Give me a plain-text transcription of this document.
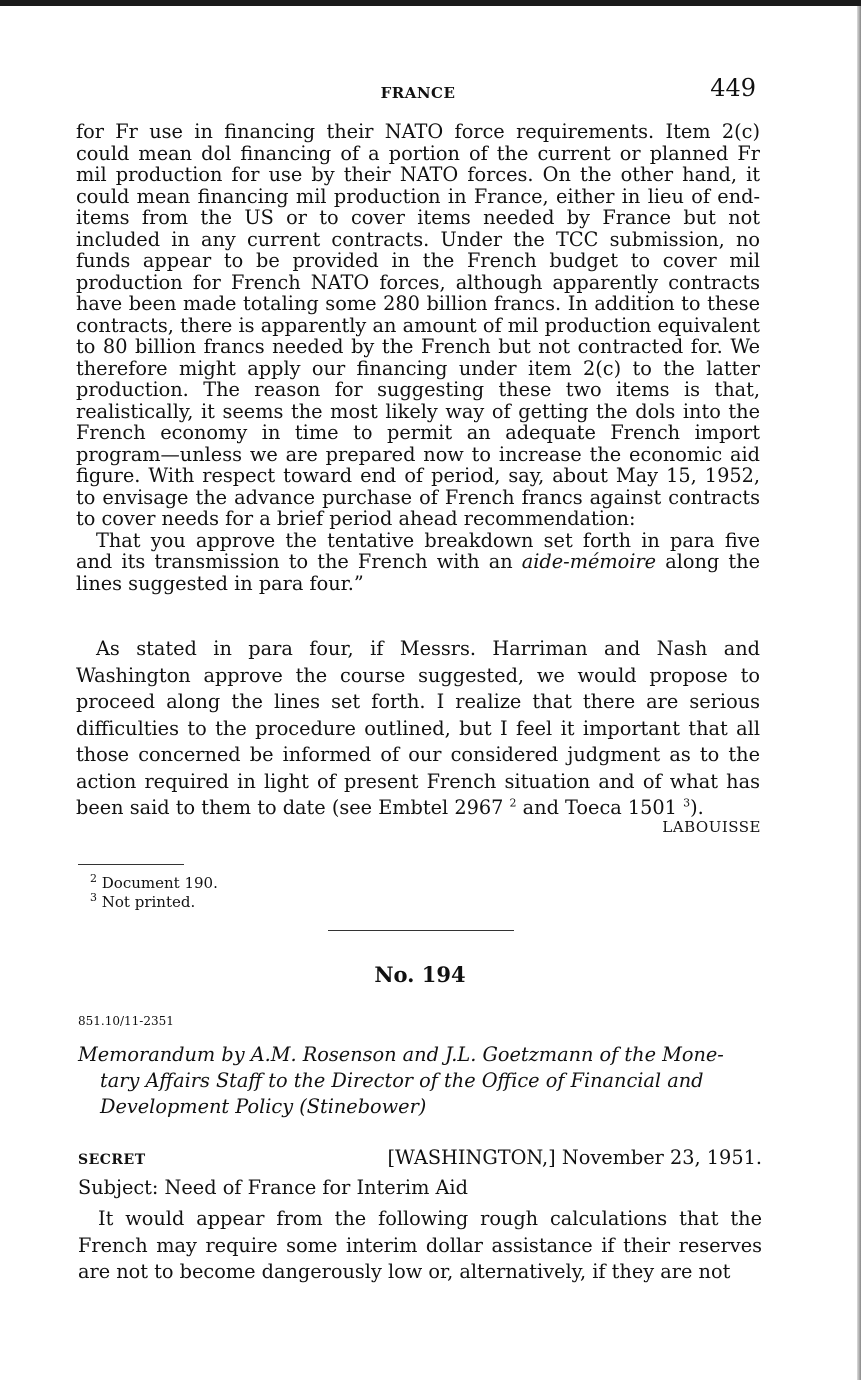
FRANCE	449

for Fr use in financing their NATO force requirements. Item 2(c) could mean dol financing of a portion of the current or planned Fr mil production for use by their NATO forces. On the other hand, it could mean financing mil production in France, either in lieu of end-items from the US or to cover items needed by France but not included in any current contracts. Under the TCC submission, no funds appear to be provided in the French budget to cover mil production for French NATO forces, although apparently contracts have been made totaling some 280 billion francs. In addition to these contracts, there is apparently an amount of mil production equivalent to 80 billion francs needed by the French but not contracted for. We therefore might apply our financing under item 2(c) to the latter production. The reason for suggesting these two items is that, realistically, it seems the most likely way of getting the dols into the French economy in time to permit an adequate French import program—unless we are prepared now to increase the economic aid figure. With respect toward end of period, say, about May 15, 1952, to envisage the advance purchase of French francs against contracts to cover needs for a brief period ahead recommendation:

That you approve the tentative breakdown set forth in para five and its transmission to the French with an aide-mémoire along the lines suggested in para four.”

As stated in para four, if Messrs. Harriman and Nash and Washington approve the course suggested, we would propose to proceed along the lines set forth. I realize that there are serious difficulties to the procedure outlined, but I feel it important that all those concerned be informed of our considered judgment as to the action required in light of present French situation and of what has been said to them to date (see Embtel 2967 $^2$ and Toeca 1501 $^3$).

LABOUISSE
$^2$ Document 190.
$^3$ Not printed.
No. 194
851.10/11-2351
Memorandum by A.M. Rosenson and J.L. Goetzmann of the Mone-
tary Affairs Staff to the Director of the Office of Financial and
Development Policy (Stinebower)
SECRET	[WASHINGTON,] November 23, 1951.
Subject: Need of France for Interim Aid

It would appear from the following rough calculations that the French may require some interim dollar assistance if their reserves are not to become dangerously low or, alternatively, if they are not
